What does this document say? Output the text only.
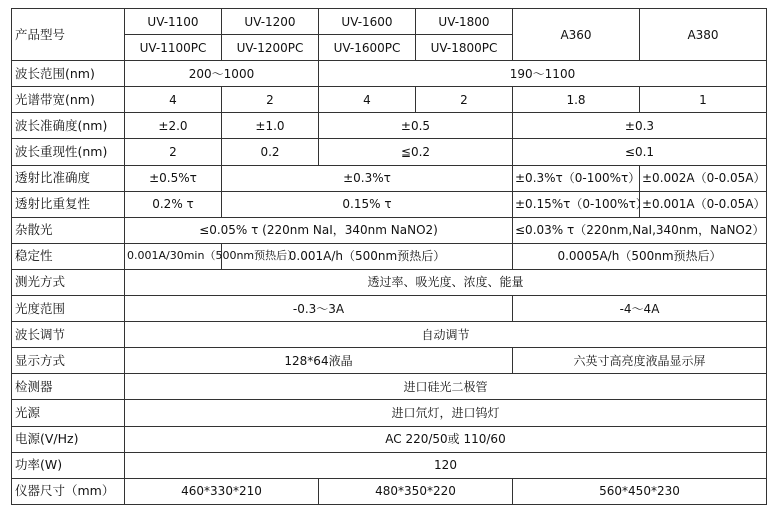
产品型号	UV-1100	UV-1200	UV-1600	UV-1800	A360	A380
	UV-1100PC	UV-1200PC	UV-1600PC	UV-1800PC		
波长范围(nm)	200～1000		190～1100			
光谱带宽(nm)	4	2	4	2	1.8	1
波长准确度(nm)	±2.0	±1.0	±0.5		±0.3	
波长重现性(nm)	2	0.2	≦0.2		≤0.1	
透射比准确度	±0.5%τ	±0.3%τ			±0.3%τ（0-100%τ）	±0.002A（0-0.05A）
透射比重复性	0.2% τ	0.15% τ			±0.15%τ（0-100%τ）	±0.001A（0-0.05A）
杂散光	≤0.05% τ (220nm NaI，340nm NaNO2)				≤0.03% τ（220nm,NaI,340nm，NaNO2）	
稳定性	0.001A/30min（500nm预热后）	0.001A/h（500nm预热后）			0.0005A/h（500nm预热后）	
测光方式	透过率、吸光度、浓度、能量					
光度范围	-0.3～3A				-4～4A	
波长调节	自动调节					
显示方式	128*64液晶				六英寸高亮度液晶显示屏	
检测器	进口硅光二极管					
光源	进口氘灯，进口钨灯					
电源(V/Hz)	AC 220/50或 110/60					
功率(W)	120					
仪器尺寸（mm）	460*330*210		480*350*220		560*450*230	
